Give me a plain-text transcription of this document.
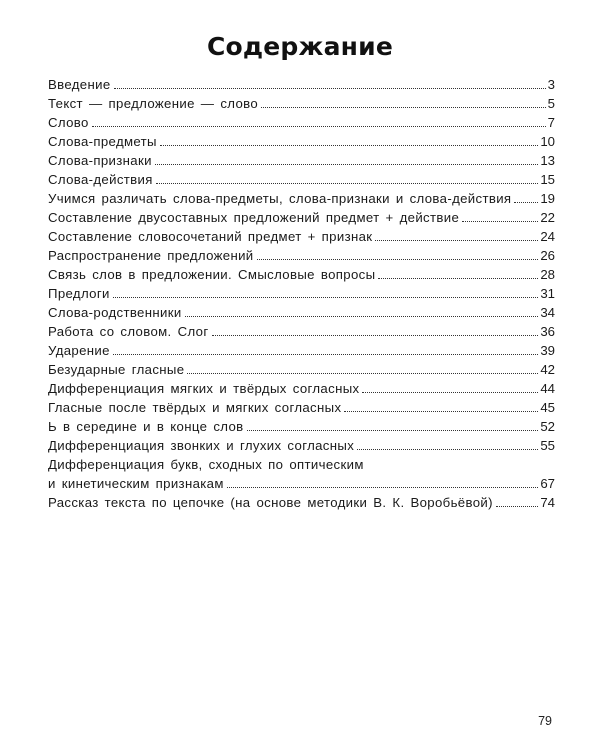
Содержание
Введение	3
Текст — предложение — слово	5
Слово	7
Слова-предметы	10
Слова-признаки	13
Слова-действия	15
Учимся различать слова-предметы, слова-признаки и слова-действия 19
Составление двусоставных предложений предмет + действие	22
Составление словосочетаний предмет + признак	24
Распространение предложений	26
Связь слов в предложении. Смысловые вопросы	28
Предлоги	31
Слова-родственники	34
Работа со словом. Слог	36
Ударение	39
Безударные гласные	42
Дифференциация мягких и твёрдых согласных	44
Гласные после твёрдых и мягких согласных	45
Ь в середине и в конце слов	52
Дифференциация звонких и глухих согласных	55
Дифференциация букв, сходных по оптическим
и кинетическим признакам	67
Рассказ текста по цепочке (на основе методики В. К. Воробьёвой)	74
79
